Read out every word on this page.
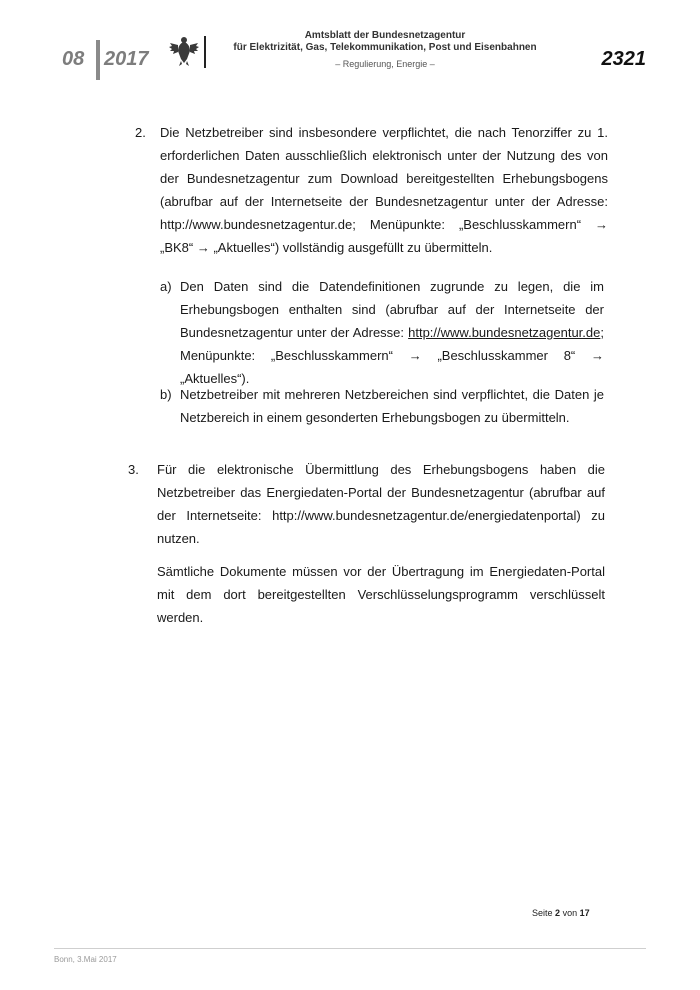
08 2017
Amtsblatt der Bundesnetzagentur
für Elektrizität, Gas, Telekommunikation, Post und Eisenbahnen
– Regulierung, Energie –	2321
2. Die Netzbetreiber sind insbesondere verpflichtet, die nach Tenorziffer zu 1. erforderlichen Daten ausschließlich elektronisch unter der Nutzung des von der Bundesnetzagentur zum Download bereitgestellten Erhebungsbogens (abrufbar auf der Internetseite der Bundesnetzagentur unter der Adresse: http://www.bundesnetzagentur.de; Menüpunkte: „Beschlusskammern“ → „BK8“ → „Aktuelles“) vollständig ausgefüllt zu übermitteln.
a) Den Daten sind die Datendefinitionen zugrunde zu legen, die im Erhebungsbogen enthalten sind (abrufbar auf der Internetseite der Bundesnetzagentur unter der Adresse: http://www.bundesnetzagentur.de; Menüpunkte: „Beschlusskammern“ → „Beschlusskammer 8“ → „Aktuelles“).
b) Netzbetreiber mit mehreren Netzbereichen sind verpflichtet, die Daten je Netzbereich in einem gesonderten Erhebungsbogen zu übermitteln.
3. Für die elektronische Übermittlung des Erhebungsbogens haben die Netzbetreiber das Energiedaten-Portal der Bundesnetzagentur (abrufbar auf der Internetseite: http://www.bundesnetzagentur.de/energiedatenportal) zu nutzen.
Sämtliche Dokumente müssen vor der Übertragung im Energiedaten-Portal mit dem dort bereitgestellten Verschlüsselungsprogramm verschlüsselt werden.
Seite 2 von 17
Bonn, 3.Mai 2017
